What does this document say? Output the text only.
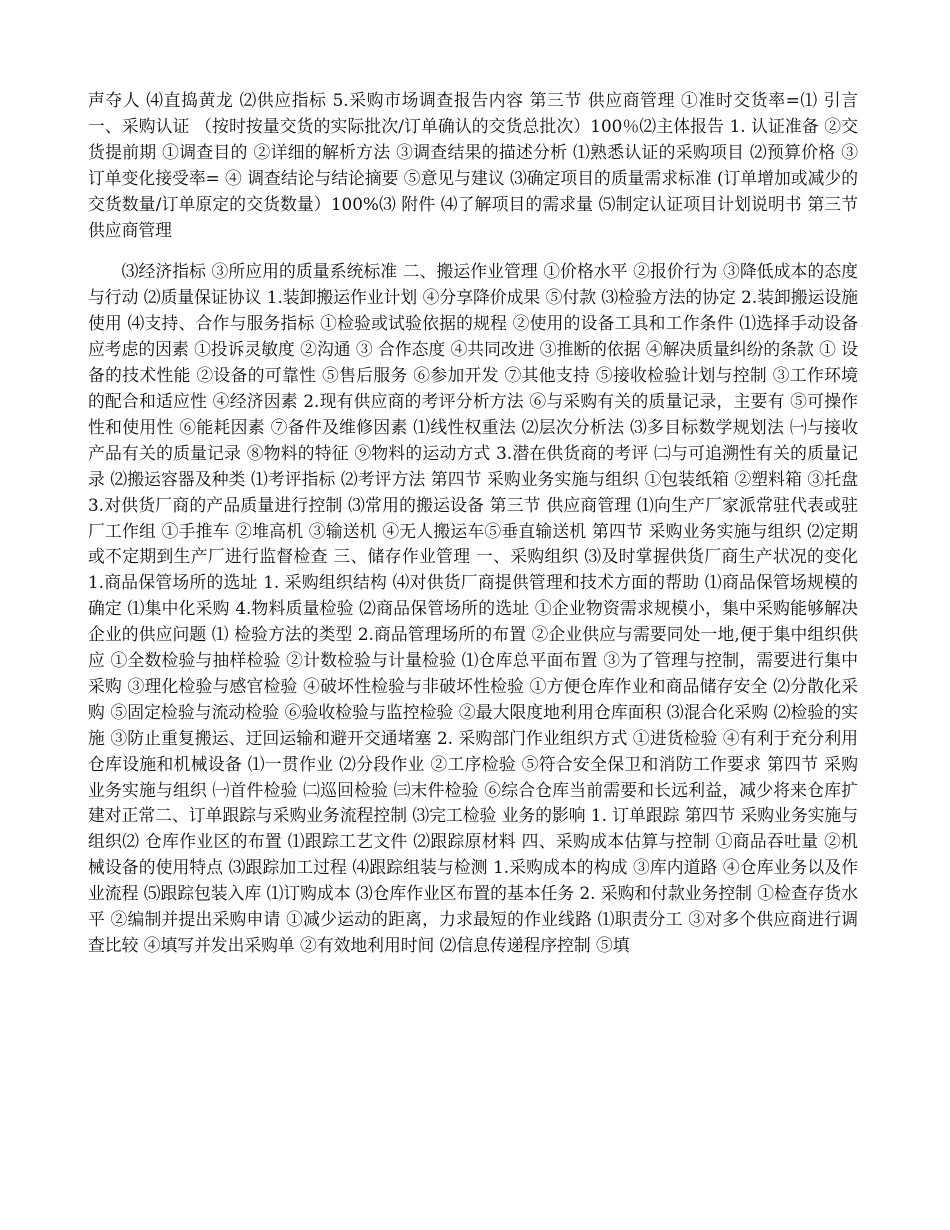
声夺人 ⑷直捣黄龙 ⑵供应指标 5.采购市场调查报告内容 第三节 供应商管理 ①准时交货率=⑴ 引言 一、采购认证 （按时按量交货的实际批次/订单确认的交货总批次）100％⑵主体报告 1. 认证准备 ②交货提前期 ①调查目的 ②详细的解析方法 ③调查结果的描述分析 ⑴熟悉认证的采购项目 ⑵预算价格 ③订单变化接受率= ④ 调查结论与结论摘要 ⑤意见与建议 ⑶确定项目的质量需求标准 (订单增加或减少的交货数量/订单原定的交货数量）100%⑶ 附件 ⑷了解项目的需求量 ⑸制定认证项目计划说明书 第三节 供应商管理

⑶经济指标 ③所应用的质量系统标准 二、搬运作业管理 ①价格水平 ②报价行为 ③降低成本的态度与行动 ⑵质量保证协议 1.装卸搬运作业计划 ④分享降价成果 ⑤付款 ⑶检验方法的协定 2.装卸搬运设施使用 ⑷支持、合作与服务指标 ①检验或试验依据的规程 ②使用的设备工具和工作条件 ⑴选择手动设备应考虑的因素 ①投诉灵敏度 ②沟通 ③ 合作态度 ④共同改进 ③推断的依据 ④解决质量纠纷的条款 ① 设备的技术性能 ②设备的可靠性 ⑤售后服务 ⑥参加开发 ⑦其他支持 ⑤接收检验计划与控制 ③工作环境的配合和适应性 ④经济因素 2.现有供应商的考评分析方法 ⑥与采购有关的质量记录，主要有 ⑤可操作性和使用性 ⑥能耗因素 ⑦备件及维修因素 ⑴线性权重法 ⑵层次分析法 ⑶多目标数学规划法 ㈠与接收产品有关的质量记录 ⑧物料的特征 ⑨物料的运动方式 3.潜在供货商的考评 ㈡与可追溯性有关的质量记录 ⑵搬运容器及种类 ⑴考评指标 ⑵考评方法 第四节 采购业务实施与组织 ①包装纸箱 ②塑料箱 ③托盘 3.对供货厂商的产品质量进行控制 ⑶常用的搬运设备 第三节 供应商管理 ⑴向生产厂家派常驻代表或驻厂工作组 ①手推车 ②堆高机 ③输送机 ④无人搬运车⑤垂直输送机 第四节 采购业务实施与组织 ⑵定期或不定期到生产厂进行监督检查 三、储存作业管理 一、采购组织 ⑶及时掌握供货厂商生产状况的变化 1.商品保管场所的选址 1. 采购组织结构 ⑷对供货厂商提供管理和技术方面的帮助 ⑴商品保管场规模的确定 ⑴集中化采购 4.物料质量检验 ⑵商品保管场所的选址 ①企业物资需求规模小，集中采购能够解决企业的供应问题 ⑴ 检验方法的类型 2.商品管理场所的布置 ②企业供应与需要同处一地,便于集中组织供应 ①全数检验与抽样检验 ②计数检验与计量检验 ⑴仓库总平面布置 ③为了管理与控制，需要进行集中采购 ③理化检验与感官检验 ④破坏性检验与非破坏性检验 ①方便仓库作业和商品储存安全 ⑵分散化采购 ⑤固定检验与流动检验 ⑥验收检验与监控检验 ②最大限度地利用仓库面积 ⑶混合化采购 ⑵检验的实施 ③防止重复搬运、迂回运输和避开交通堵塞 2. 采购部门作业组织方式 ①进货检验 ④有利于充分利用仓库设施和机械设备 ⑴一贯作业 ⑵分段作业 ②工序检验 ⑤符合安全保卫和消防工作要求 第四节 采购业务实施与组织 ㈠首件检验 ㈡巡回检验 ㈢末件检验 ⑥综合仓库当前需要和长远利益，减少将来仓库扩建对正常二、订单跟踪与采购业务流程控制 ⑶完工检验 业务的影响 1. 订单跟踪 第四节 采购业务实施与组织⑵ 仓库作业区的布置 ⑴跟踪工艺文件 ⑵跟踪原材料 四、采购成本估算与控制 ①商品吞吐量 ②机械设备的使用特点 ⑶跟踪加工过程 ⑷跟踪组装与检测 1.采购成本的构成 ③库内道路 ④仓库业务以及作业流程 ⑸跟踪包装入库 ⑴订购成本 ⑶仓库作业区布置的基本任务 2. 采购和付款业务控制 ①检查存货水平 ②编制并提出采购申请 ①减少运动的距离，力求最短的作业线路 ⑴职责分工 ③对多个供应商进行调查比较 ④填写并发出采购单 ②有效地利用时间 ⑵信息传递程序控制 ⑤填
